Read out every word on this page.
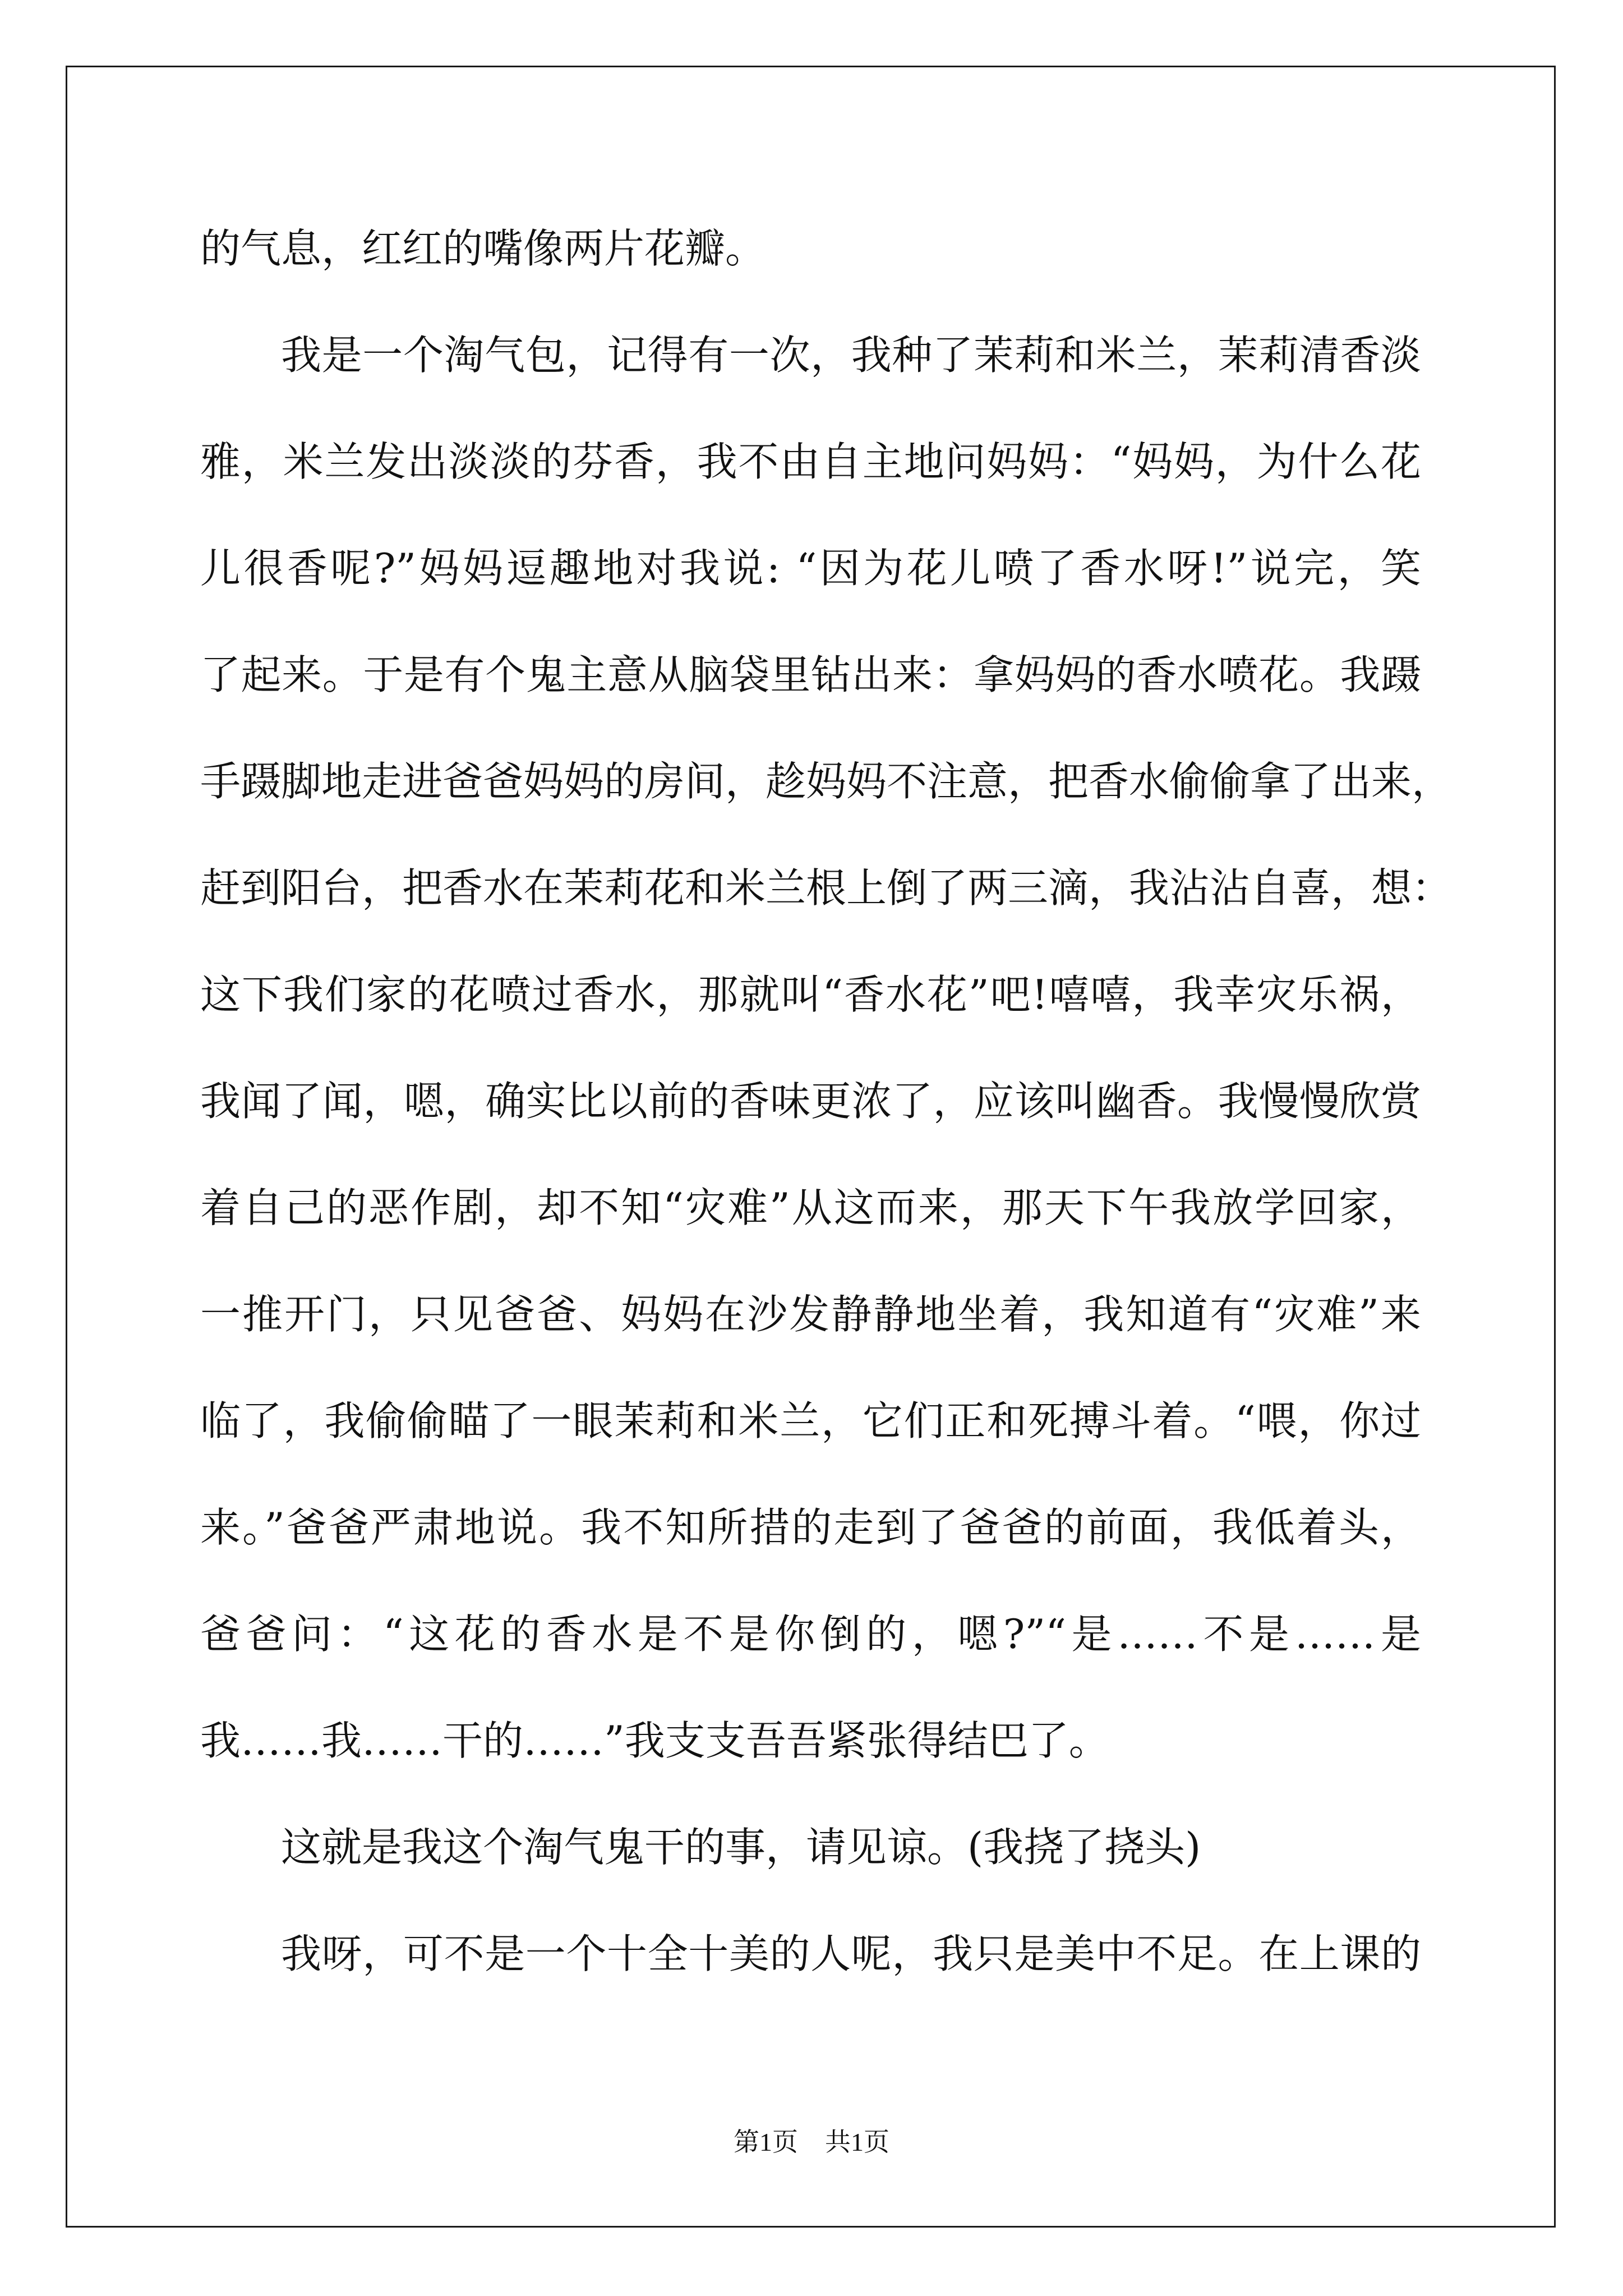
的气息，红红的嘴像两片花瓣。
我是一个淘气包，记得有一次，我种了茉莉和米兰，茉莉清香淡
雅，米兰发出淡淡的芬香，我不由自主地问妈妈：“妈妈，为什么花
儿很香呢?”妈妈逗趣地对我说: “因为花儿喷了香水呀!”说完，笑
了起来。于是有个鬼主意从脑袋里钻出来：拿妈妈的香水喷花。我蹑
手蹑脚地走进爸爸妈妈的房间，趁妈妈不注意，把香水偷偷拿了出来，
赶到阳台，把香水在茉莉花和米兰根上倒了两三滴，我沾沾自喜，想：
这下我们家的花喷过香水，那就叫“香水花”吧!嘻嘻，我幸灾乐祸，
我闻了闻，嗯，确实比以前的香味更浓了，应该叫幽香。我慢慢欣赏
着自己的恶作剧，却不知“灾难”从这而来，那天下午我放学回家，
一推开门，只见爸爸、妈妈在沙发静静地坐着，我知道有“灾难”来
临了，我偷偷瞄了一眼茉莉和米兰，它们正和死搏斗着。“喂，你过
来。”爸爸严肃地说。我不知所措的走到了爸爸的前面，我低着头，
爸爸问：“这花的香水是不是你倒的，嗯?”“是……不是……是
我……我……干的……”我支支吾吾紧张得结巴了。
这就是我这个淘气鬼干的事，请见谅。(我挠了挠头)
我呀，可不是一个十全十美的人呢，我只是美中不足。在上课的
第1页 共1页
